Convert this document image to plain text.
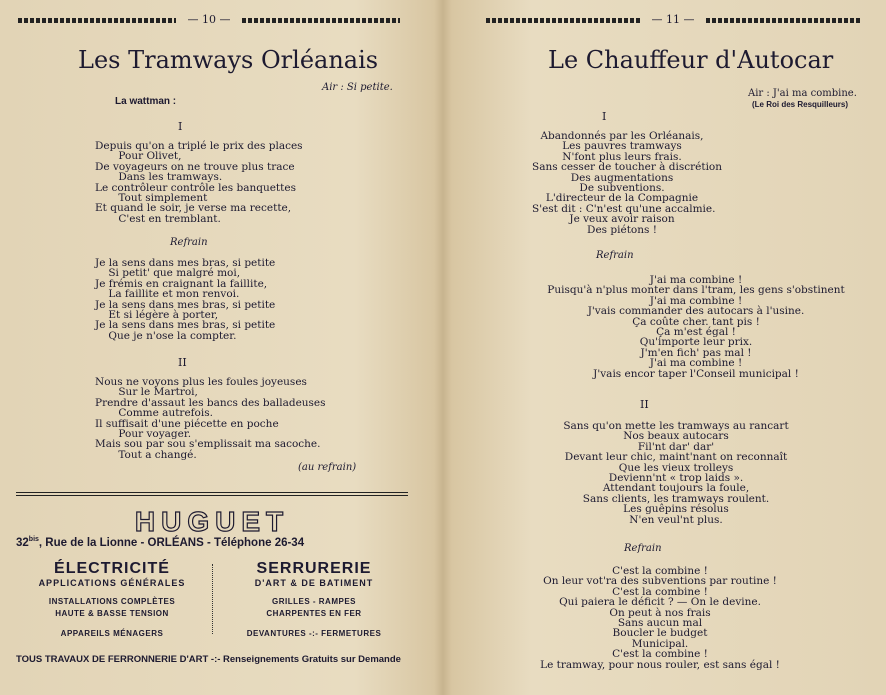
— 10 —
Les Tramways Orléanais
Air : Si petite.
La wattman :
I
Depuis qu'on a triplé le prix des places
Pour Olivet,
De voyageurs on ne trouve plus trace
Dans les tramways.
Le contrôleur contrôle les banquettes
Tout simplement
Et quand le soir, je verse ma recette,
C'est en tremblant.
Refrain
Je la sens dans mes bras, si petite
Si petit' que malgré moi,
Je frémis en craignant la faillite,
La faillite et mon renvoi.
Je la sens dans mes bras, si petite
Et si légère à porter,
Je la sens dans mes bras, si petite
Que je n'ose la compter.
II
Nous ne voyons plus les foules joyeuses
Sur le Martroi,
Prendre d'assaut les bancs des balladeuses
Comme autrefois.
Il suffisait d'une piécette en poche
Pour voyager.
Mais sou par sou s'emplissait ma sacoche.
Tout a changé.
(au refrain)
HUGUET
$32^{bis}$, Rue de la Lionne - ORLÉANS - Téléphone 26-34
ÉLECTRICITÉ
APPLICATIONS GÉNÉRALES
INSTALLATIONS COMPLÈTES
HAUTE & BASSE TENSION
APPAREILS MÉNAGERS
SERRURERIE
D'ART & DE BATIMENT
GRILLES - RAMPES
CHARPENTES EN FER
DEVANTURES -:- FERMETURES
TOUS TRAVAUX DE FERRONNERIE D'ART -:- Renseignements Gratuits sur Demande
— 11 —
Le Chauffeur d'Autocar
Air : J'ai ma combine.
(Le Roi des Resquilleurs)
I
Abandonnés par les Orléanais,
Les pauvres tramways
N'font plus leurs frais.
Sans cesser de toucher à discrétion
Des augmentations
De subventions.
L'directeur de la Compagnie
S'est dit : C'n'est qu'une accalmie.
Je veux avoir raison
Des piétons !
Refrain
J'ai ma combine !
Puisqu'à n'plus monter dans l'tram, les gens s'obstinent
J'ai ma combine !
J'vais commander des autocars à l'usine.
Ça coûte cher. tant pis !
Ça m'est égal !
Qu'importe leur prix.
J'm'en fich' pas mal !
J'ai ma combine !
J'vais encor taper l'Conseil municipal !
II
Sans qu'on mette les tramways au rancart
Nos beaux autocars
Fil'nt dar' dar'
Devant leur chic, maint'nant on reconnaît
Que les vieux trolleys
Devienn'nt « trop laids ».
Attendant toujours la foule,
Sans clients, les tramways roulent.
Les guêpins résolus
N'en veul'nt plus.
Refrain
C'est la combine !
On leur vot'ra des subventions par routine !
C'est la combine !
Qui paiera le déficit ? — On le devine.
On peut à nos frais
Sans aucun mal
Boucler le budget
Municipal.
C'est la combine !
Le tramway, pour nous rouler, est sans égal !
